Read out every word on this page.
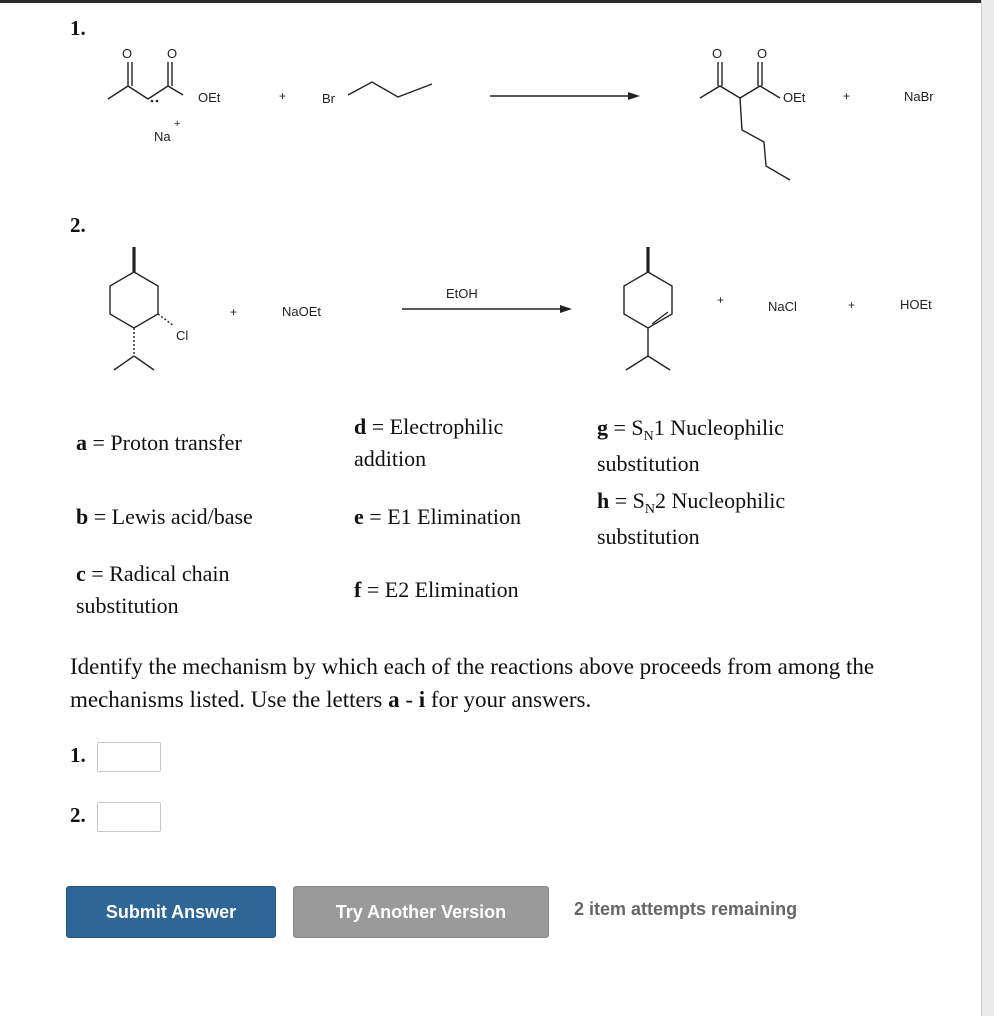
1.
O	O
OEt
Na
+
+	Br
O	O
OEt	+	NaBr
Cl
+	NaOEt
EtOH	+	NaCl	+	HOEt
2.
a = Proton transfer
b = Lewis acid/base
c = Radical chain substitution
d = Electrophilic addition
e = E1 Elimination
f = E2 Elimination
$g = S_N1$ Nucleophilic substitution
$h = S_N2$ Nucleophilic substitution
Identify the mechanism by which each of the reactions above proceeds from among the mechanisms listed. Use the letters a - i for your answers.
1.
2.
Submit Answer	Try Another Version	2 item attempts remaining
